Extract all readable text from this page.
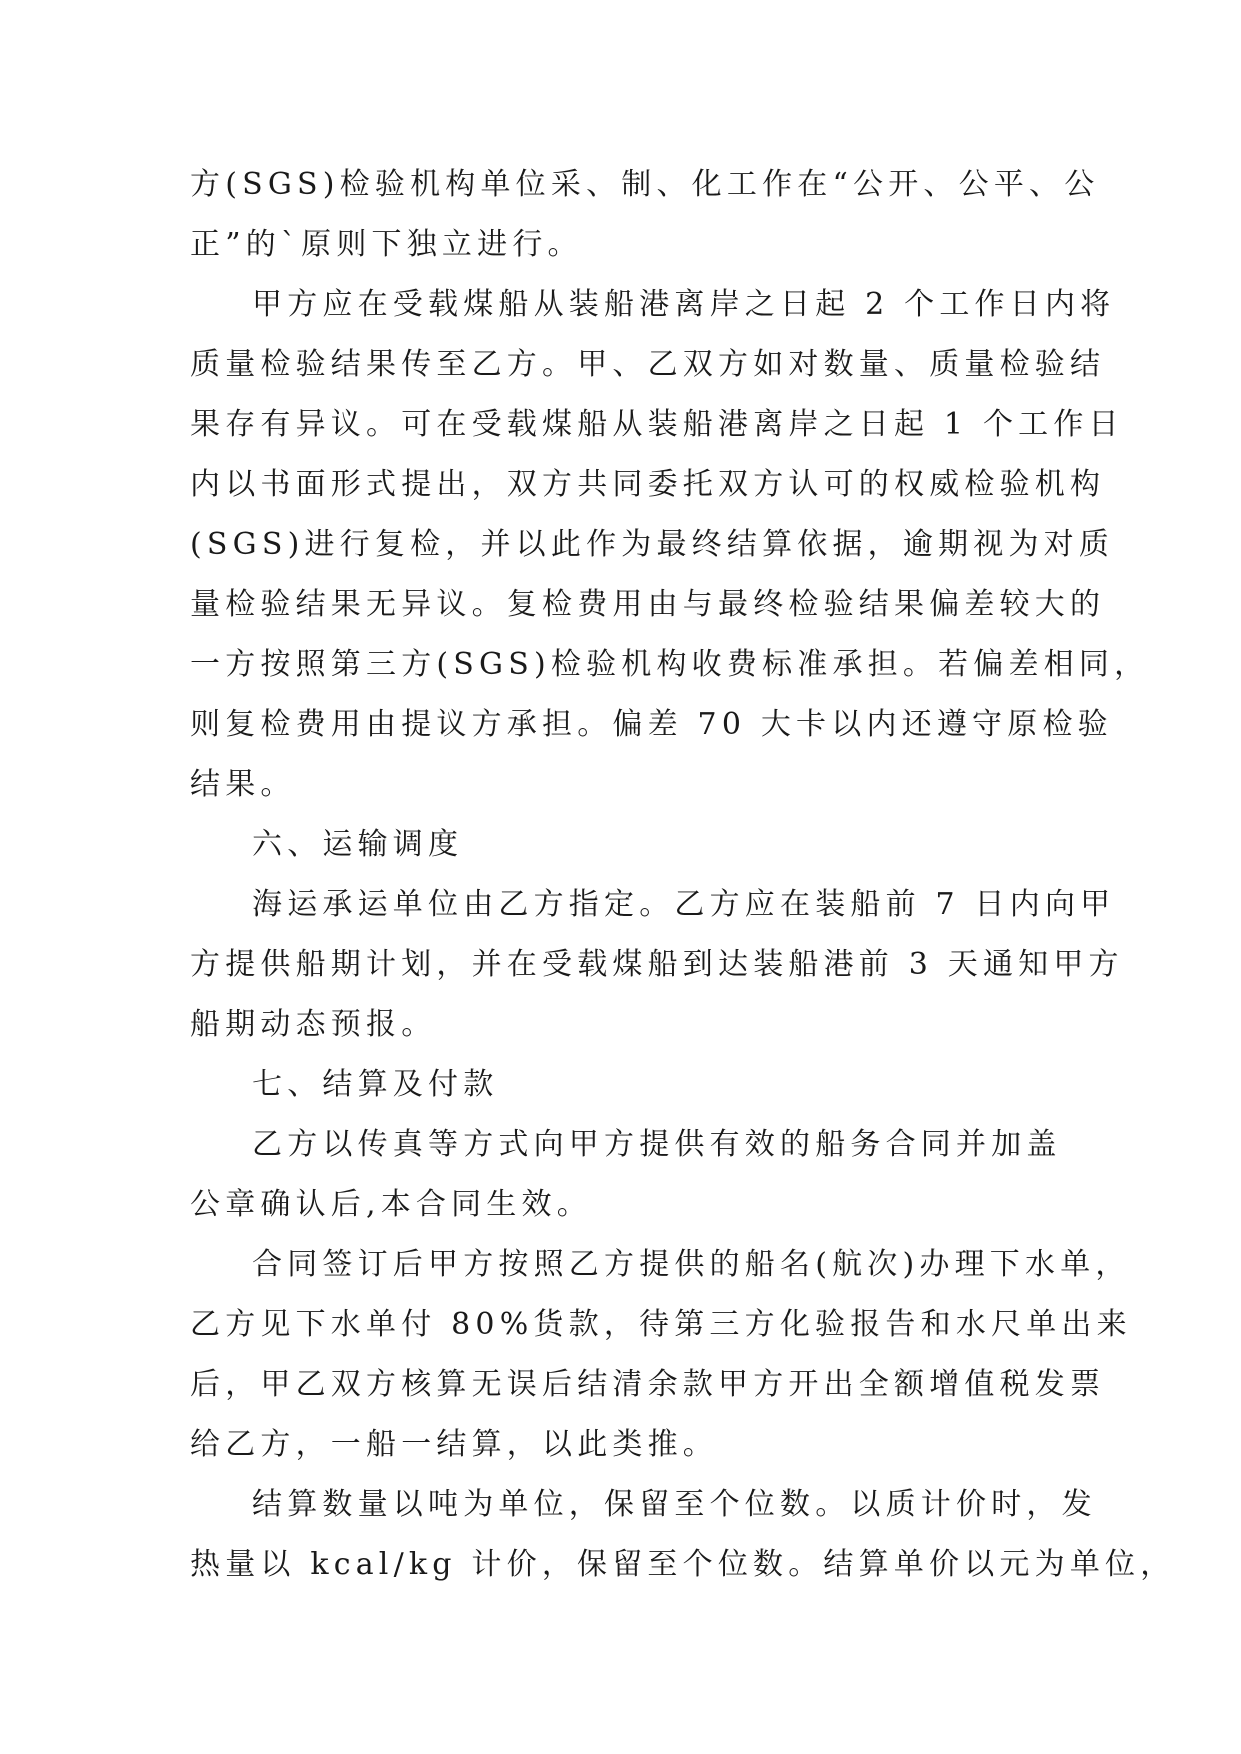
方(SGS)检验机构单位采、制、化工作在“公开、公平、公
正”的`原则下独立进行。
甲方应在受载煤船从装船港离岸之日起 2 个工作日内将
质量检验结果传至乙方。甲、乙双方如对数量、质量检验结
果存有异议。可在受载煤船从装船港离岸之日起 1 个工作日
内以书面形式提出，双方共同委托双方认可的权威检验机构
(SGS)进行复检，并以此作为最终结算依据，逾期视为对质
量检验结果无异议。复检费用由与最终检验结果偏差较大的
一方按照第三方(SGS)检验机构收费标准承担。若偏差相同，
则复检费用由提议方承担。偏差 70 大卡以内还遵守原检验
结果。
六、运输调度
海运承运单位由乙方指定。乙方应在装船前 7 日内向甲
方提供船期计划，并在受载煤船到达装船港前 3 天通知甲方
船期动态预报。
七、结算及付款
乙方以传真等方式向甲方提供有效的船务合同并加盖
公章确认后,本合同生效。
合同签订后甲方按照乙方提供的船名(航次)办理下水单，
乙方见下水单付 80%货款，待第三方化验报告和水尺单出来
后，甲乙双方核算无误后结清余款甲方开出全额增值税发票
给乙方，一船一结算，以此类推。
结算数量以吨为单位，保留至个位数。以质计价时，发
热量以 kcal/kg 计价，保留至个位数。结算单价以元为单位，
